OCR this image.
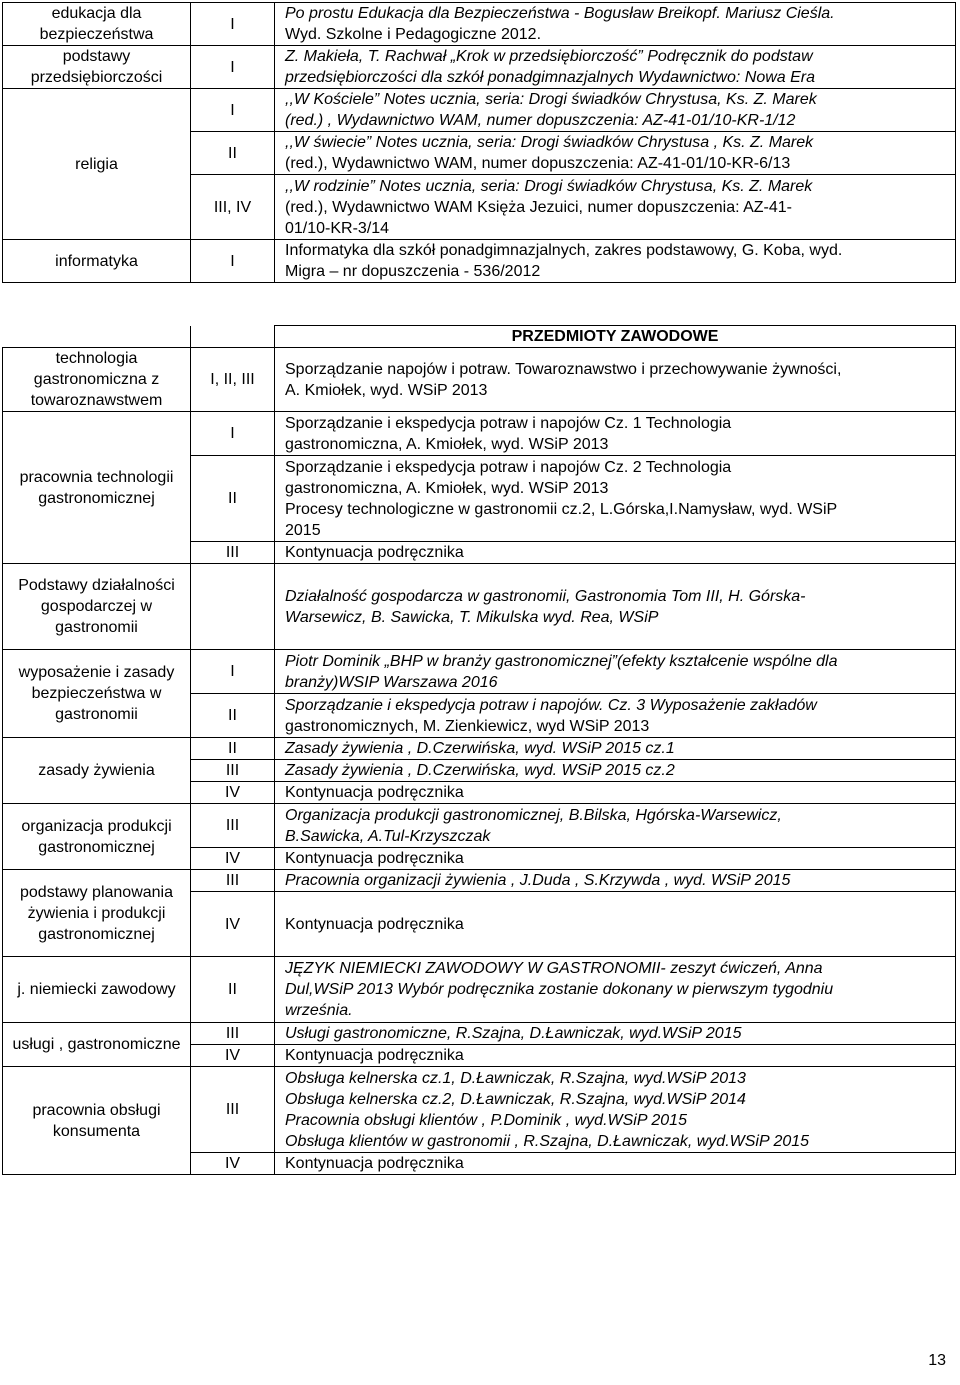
edukacja dla bezpieczeństwa	I	Po prostu Edukacja dla Bezpieczeństwa - Bogusław Breikopf. Mariusz Cieśla.
Wyd. Szkolne i Pedagogiczne 2012.

podstawy przedsiębiorczości	I	Z. Makieła, T. Rachwał „Krok w przedsiębiorczość” Podręcznik do podstaw
przedsiębiorczości dla szkół ponadgimnazjalnych Wydawnictwo: Nowa Era

religia	I	,,W Kościele” Notes ucznia, seria: Drogi świadków Chrystusa, Ks. Z. Marek
(red.) , Wydawnictwo WAM, numer dopuszczenia: AZ-41-01/10-KR-1/12

	II	,,W świecie” Notes ucznia, seria: Drogi świadków Chrystusa , Ks. Z. Marek
(red.), Wydawnictwo WAM, numer dopuszczenia: AZ-41-01/10-KR-6/13

	III, IV	,,W rodzinie” Notes ucznia, seria: Drogi świadków Chrystusa, Ks. Z. Marek
(red.), Wydawnictwo WAM Księża Jezuici, numer dopuszczenia: AZ-41-
01/10-KR-3/14

informatyka	I	Informatyka dla szkół ponadgimnazjalnych, zakres podstawowy, G. Koba, wyd.
Migra – nr dopuszczenia - 536/2012
		PRZEDMIOTY ZAWODOWE
technologia gastronomiczna z towaroznawstwem	I, II, III	Sporządzanie napojów i potraw. Towaroznawstwo i przechowywanie żywności,
A. Kmiołek, wyd. WSiP 2013

pracownia technologii gastronomicznej	I	Sporządzanie i ekspedycja potraw i napojów Cz. 1 Technologia
gastronomiczna, A. Kmiołek, wyd. WSiP 2013

	II	Sporządzanie i ekspedycja potraw i napojów Cz. 2 Technologia
gastronomiczna, A. Kmiołek, wyd. WSiP 2013
Procesy technologiczne w gastronomii cz.2, L.Górska,I.Namysław, wyd. WSiP
2015

	III	Kontynuacja podręcznika

Podstawy działalności gospodarczej w gastronomii		Działalność gospodarcza w gastronomii, Gastronomia Tom III, H. Górska-
Warsewicz, B. Sawicka, T. Mikulska wyd. Rea, WSiP

wyposażenie i zasady bezpieczeństwa w gastronomii	I	Piotr Dominik „BHP w branży gastronomicznej”(efekty kształcenie wspólne dla
branży)WSIP Warszawa 2016

	II	Sporządzanie i ekspedycja potraw i napojów. Cz. 3 Wyposażenie zakładów
gastronomicznych, M. Zienkiewicz, wyd WSiP 2013

zasady żywienia	II	Zasady żywienia , D.Czerwińska, wyd. WSiP 2015 cz.1

	III	Zasady żywienia , D.Czerwińska, wyd. WSiP 2015 cz.2

	IV	Kontynuacja podręcznika

organizacja produkcji gastronomicznej	III	Organizacja produkcji gastronomicznej, B.Bilska, Hgórska-Warsewicz,
B.Sawicka, A.Tul-Krzyszczak

	IV	Kontynuacja podręcznika

podstawy planowania żywienia i produkcji gastronomicznej	III	Pracownia organizacji żywienia , J.Duda , S.Krzywda , wyd. WSiP 2015

	IV	Kontynuacja podręcznika

j. niemiecki zawodowy	II	JĘZYK NIEMIECKI ZAWODOWY W GASTRONOMII- zeszyt ćwiczeń, Anna
Dul,WSiP 2013 Wybór podręcznika zostanie dokonany w pierwszym tygodniu
września.

usługi , gastronomiczne	III	Usługi gastronomiczne, R.Szajna, D.Ławniczak, wyd.WSiP 2015

	IV	Kontynuacja podręcznika

pracownia obsługi konsumenta	III	Obsługa kelnerska cz.1, D.Ławniczak, R.Szajna, wyd.WSiP 2013
Obsługa kelnerska cz.2, D.Ławniczak, R.Szajna, wyd.WSiP 2014
Pracownia obsługi klientów , P.Dominik , wyd.WSiP 2015
Obsługa klientów w gastronomii , R.Szajna, D.Ławniczak, wyd.WSiP 2015

	IV	Kontynuacja podręcznika
13
